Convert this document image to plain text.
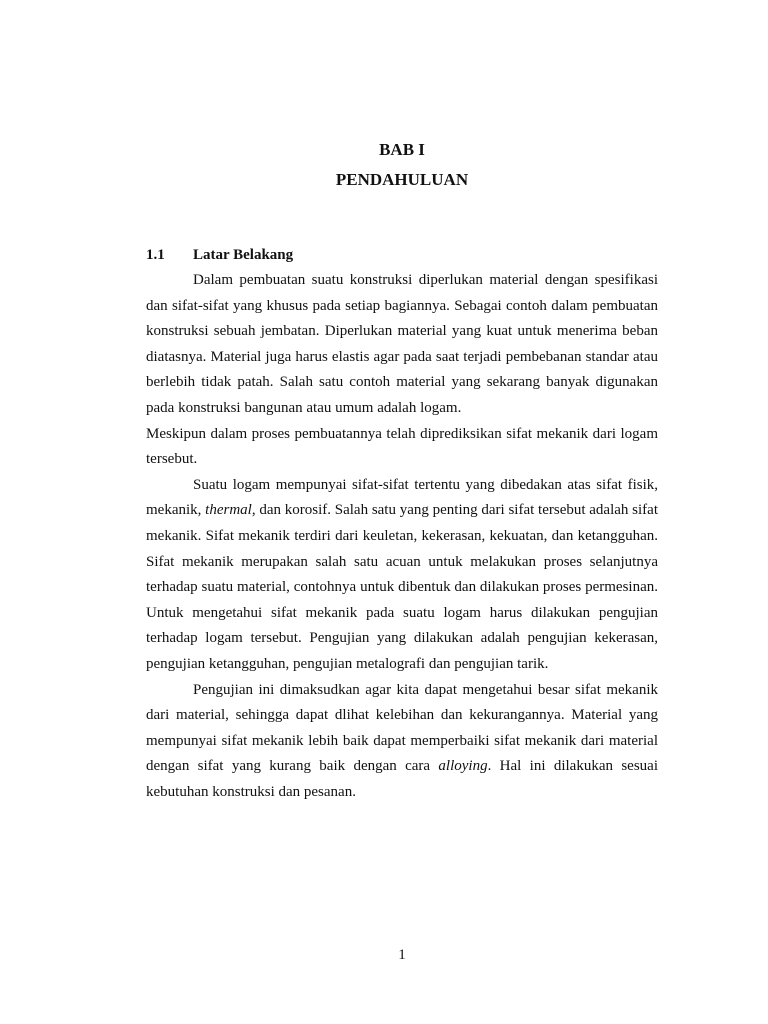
BAB I
PENDAHULUAN
1.1 Latar Belakang

Dalam pembuatan suatu konstruksi diperlukan material dengan spesifikasi dan sifat-sifat yang khusus pada setiap bagiannya. Sebagai contoh dalam pembuatan konstruksi sebuah jembatan. Diperlukan material yang kuat untuk menerima beban diatasnya. Material juga harus elastis agar pada saat terjadi pembebanan standar atau berlebih tidak patah. Salah satu contoh material yang sekarang banyak digunakan pada konstruksi bangunan atau umum adalah logam.

Meskipun dalam proses pembuatannya telah diprediksikan sifat mekanik dari logam tersebut.

Suatu logam mempunyai sifat-sifat tertentu yang dibedakan atas sifat fisik, mekanik, thermal, dan korosif. Salah satu yang penting dari sifat tersebut adalah sifat mekanik. Sifat mekanik terdiri dari keuletan, kekerasan, kekuatan, dan ketangguhan. Sifat mekanik merupakan salah satu acuan untuk melakukan proses selanjutnya terhadap suatu material, contohnya untuk dibentuk dan dilakukan proses permesinan. Untuk mengetahui sifat mekanik pada suatu logam harus dilakukan pengujian terhadap logam tersebut. Pengujian yang dilakukan adalah pengujian kekerasan, pengujian ketangguhan, pengujian metalografi dan pengujian tarik.

Pengujian ini dimaksudkan agar kita dapat mengetahui besar sifat mekanik dari material, sehingga dapat dlihat kelebihan dan kekurangannya. Material yang mempunyai sifat mekanik lebih baik dapat memperbaiki sifat mekanik dari material dengan sifat yang kurang baik dengan cara alloying. Hal ini dilakukan sesuai kebutuhan konstruksi dan pesanan.

1
